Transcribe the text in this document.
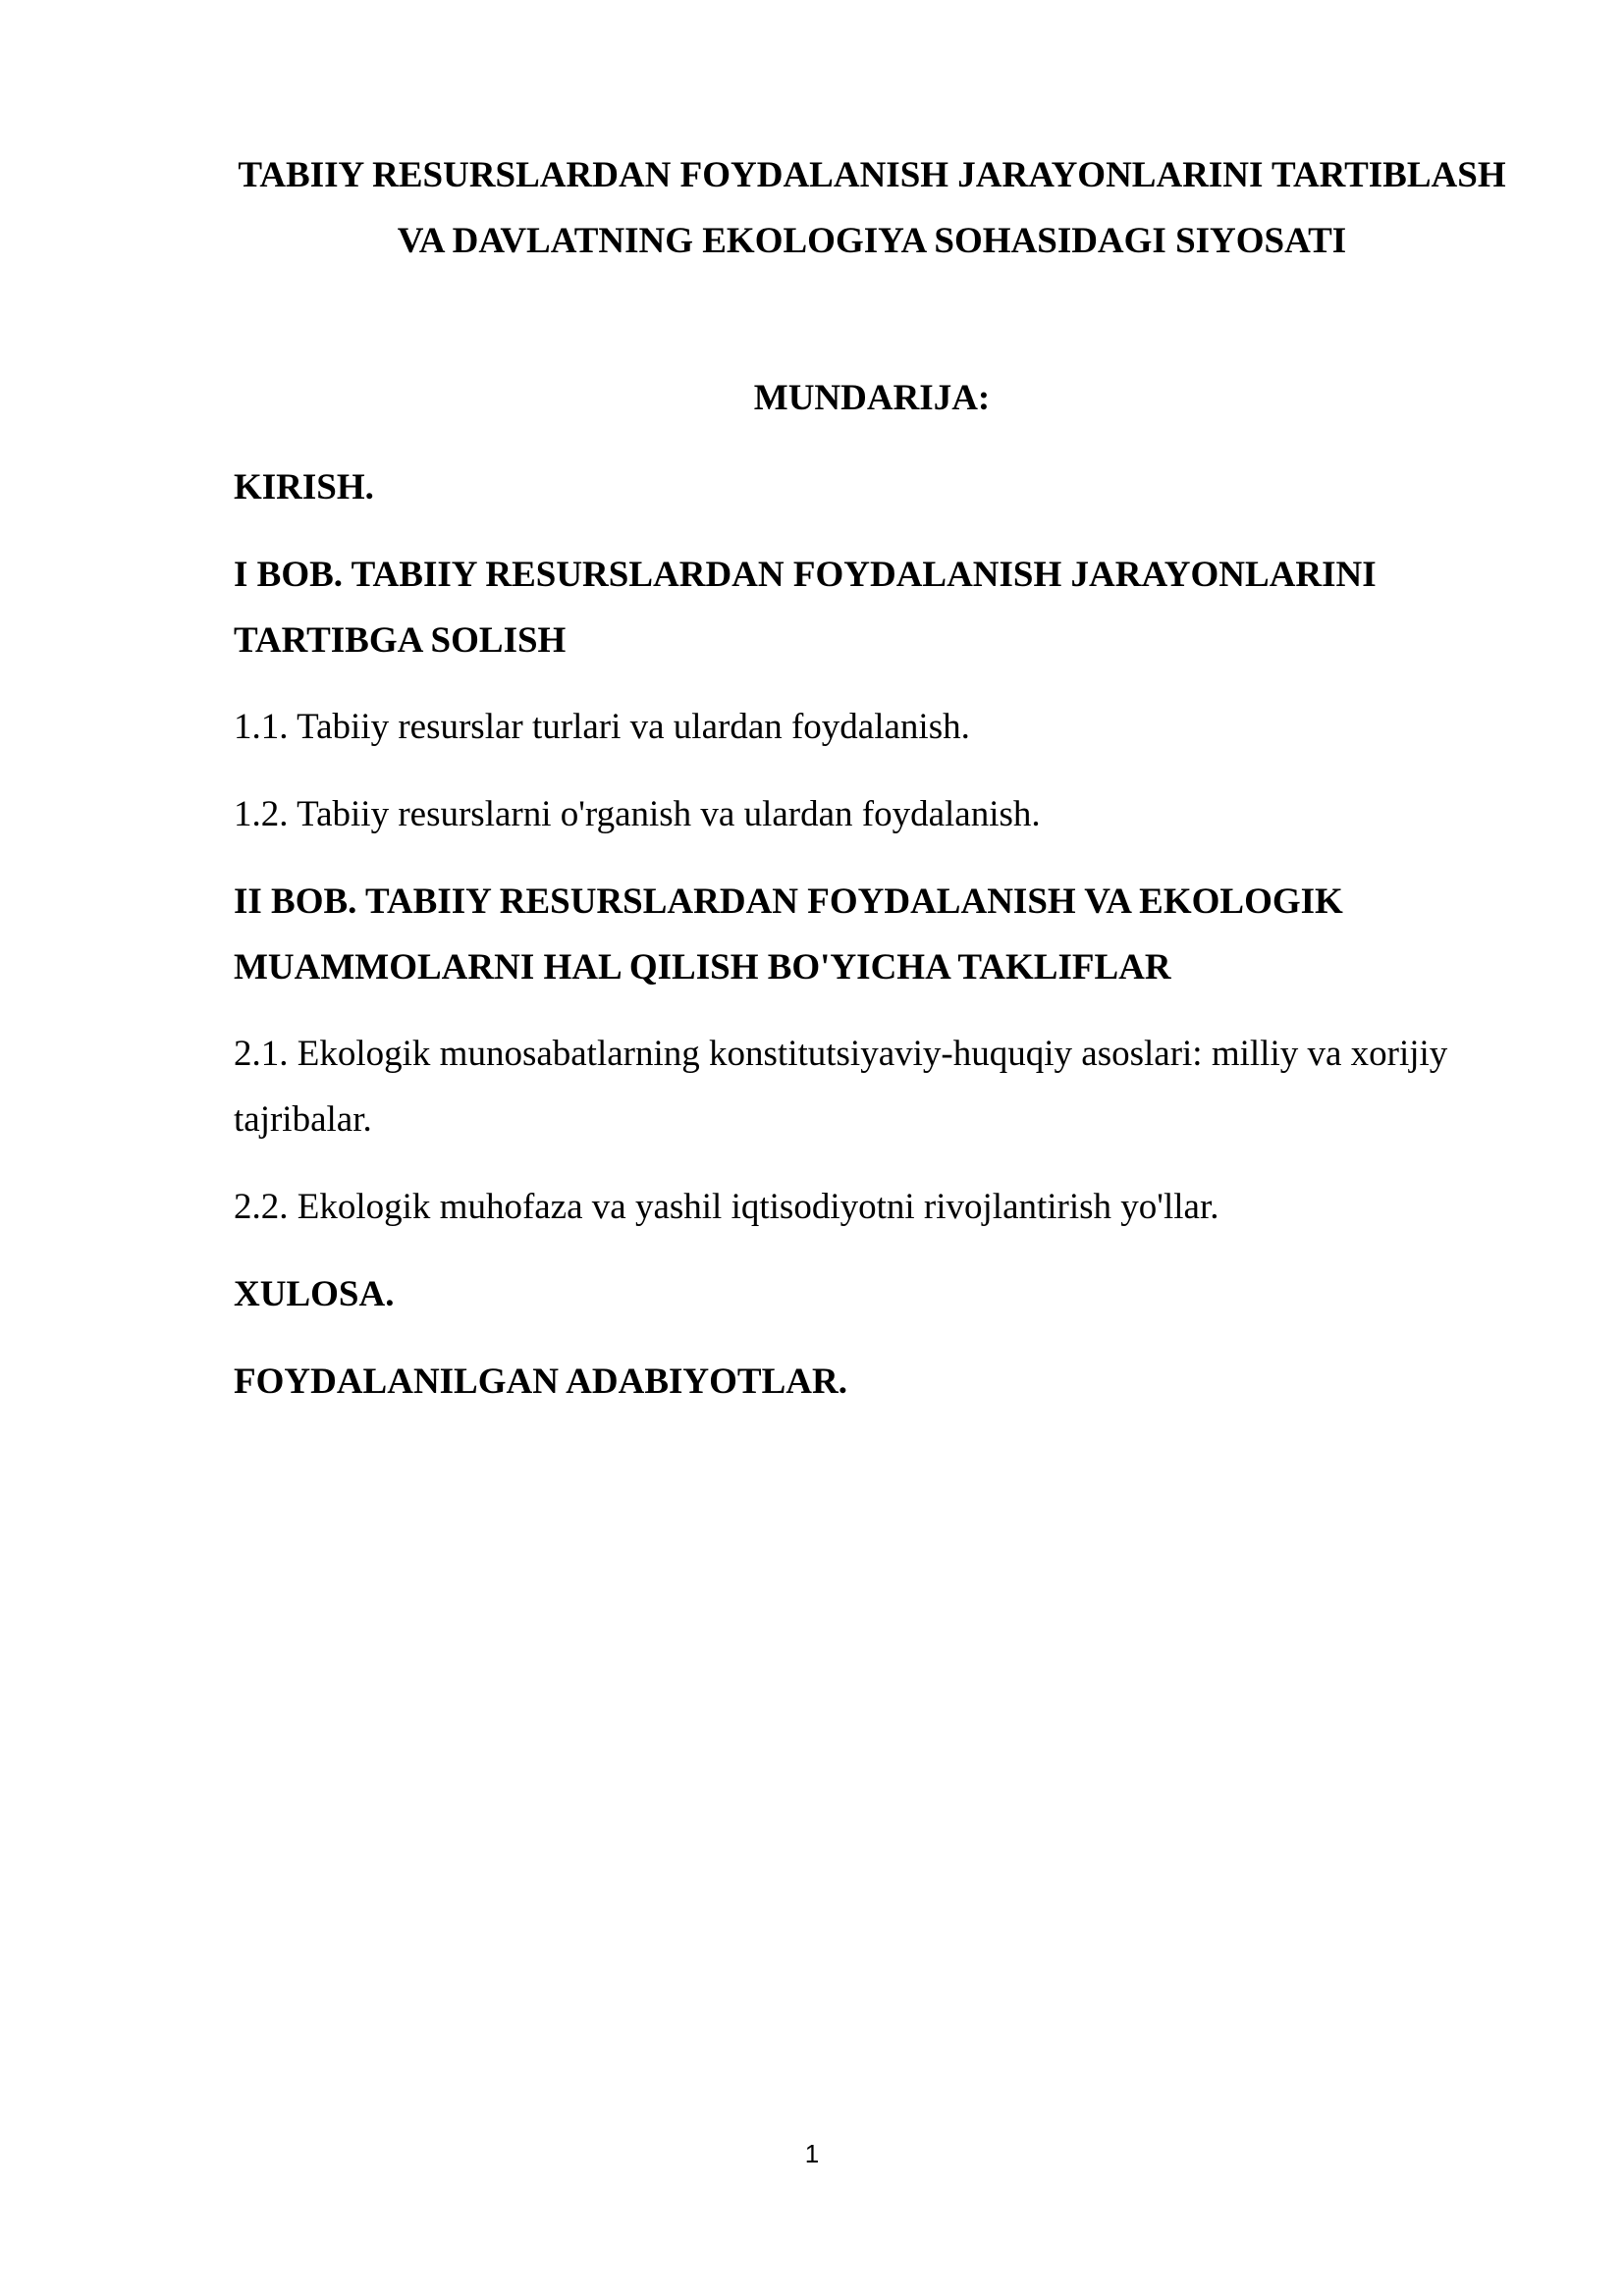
TABIIY RESURSLARDAN FOYDALANISH JARAYONLARINI TARTIBLASH VA DAVLATNING EKOLOGIYA SOHASIDAGI SIYOSATI
MUNDARIJA:

KIRISH.

I BOB. TABIIY RESURSLARDAN FOYDALANISH JARAYONLARINI TARTIBGA SOLISH

1.1. Tabiiy resurslar turlari va ulardan foydalanish.

1.2. Tabiiy resurslarni o'rganish va ulardan foydalanish.

II BOB. TABIIY RESURSLARDAN FOYDALANISH VA EKOLOGIK MUAMMOLARNI HAL QILISH BO'YICHA TAKLIFLAR

2.1. Ekologik munosabatlarning konstitutsiyaviy-huquqiy asoslari: milliy va xorijiy tajribalar.

2.2. Ekologik muhofaza va yashil iqtisodiyotni rivojlantirish yo'llar.

XULOSA.

FOYDALANILGAN ADABIYOTLAR.

1
